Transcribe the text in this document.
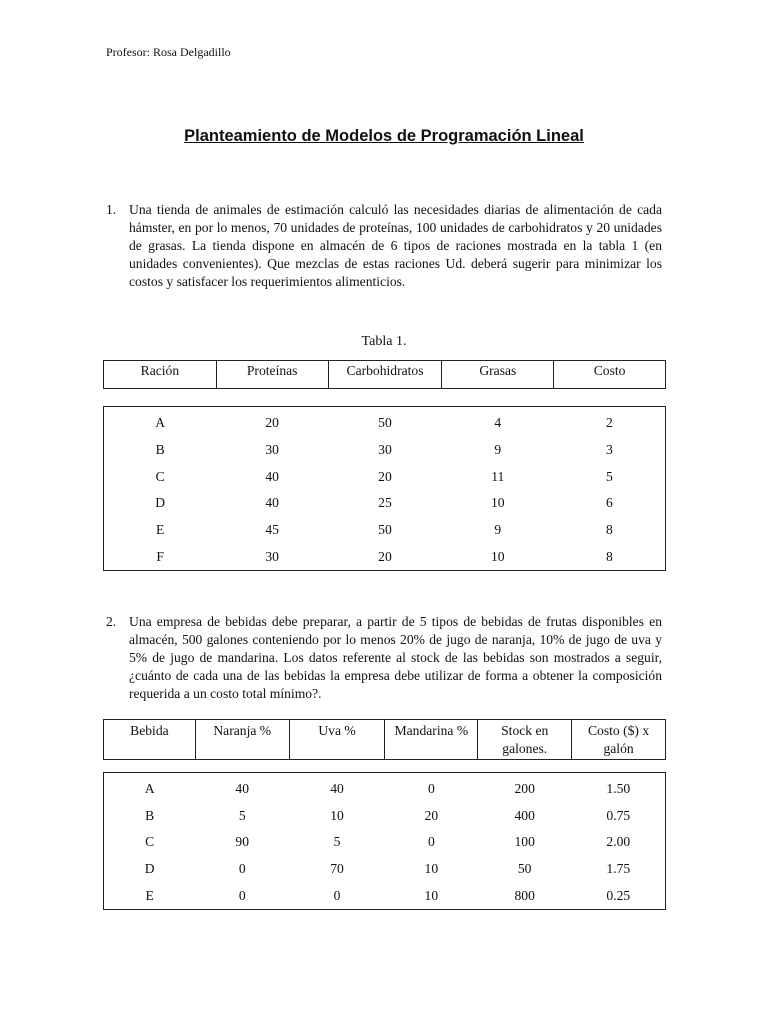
Profesor: Rosa Delgadillo
Planteamiento de Modelos de Programación Lineal
1. Una tienda de animales de estimación calculó las necesidades diarias de alimentación de cada hámster, en por lo menos, 70 unidades de proteínas, 100 unidades de carbohidratos y 20 unidades de grasas. La tienda dispone en almacén de 6 tipos de raciones mostrada en la tabla 1 (en unidades convenientes). Que mezclas de estas raciones Ud. deberá sugerir para minimizar los costos y satisfacer los requerimientos alimenticios.
Tabla 1.
Ración	Proteínas	Carbohidratos	Grasas	Costo
A	20	50	4	2
B	30	30	9	3
C	40	20	11	5
D	40	25	10	6
E	45	50	9	8
F	30	20	10	8
2. Una empresa de bebidas debe preparar, a partir de 5 tipos de bebidas de frutas disponibles en almacén, 500 galones conteniendo por lo menos 20% de jugo de naranja, 10% de jugo de uva y 5% de jugo de mandarina. Los datos referente al stock de las bebidas son mostrados a seguir, ¿cuánto de cada una de las bebidas la empresa debe utilizar de forma a obtener la composición requerida a un costo total mínimo?.
Bebida	Naranja %	Uva %	Mandarina %	Stock en galones.	Costo ($) x galón
A	40	40	0	200	1.50
B	5	10	20	400	0.75
C	90	5	0	100	2.00
D	0	70	10	50	1.75
E	0	0	10	800	0.25
